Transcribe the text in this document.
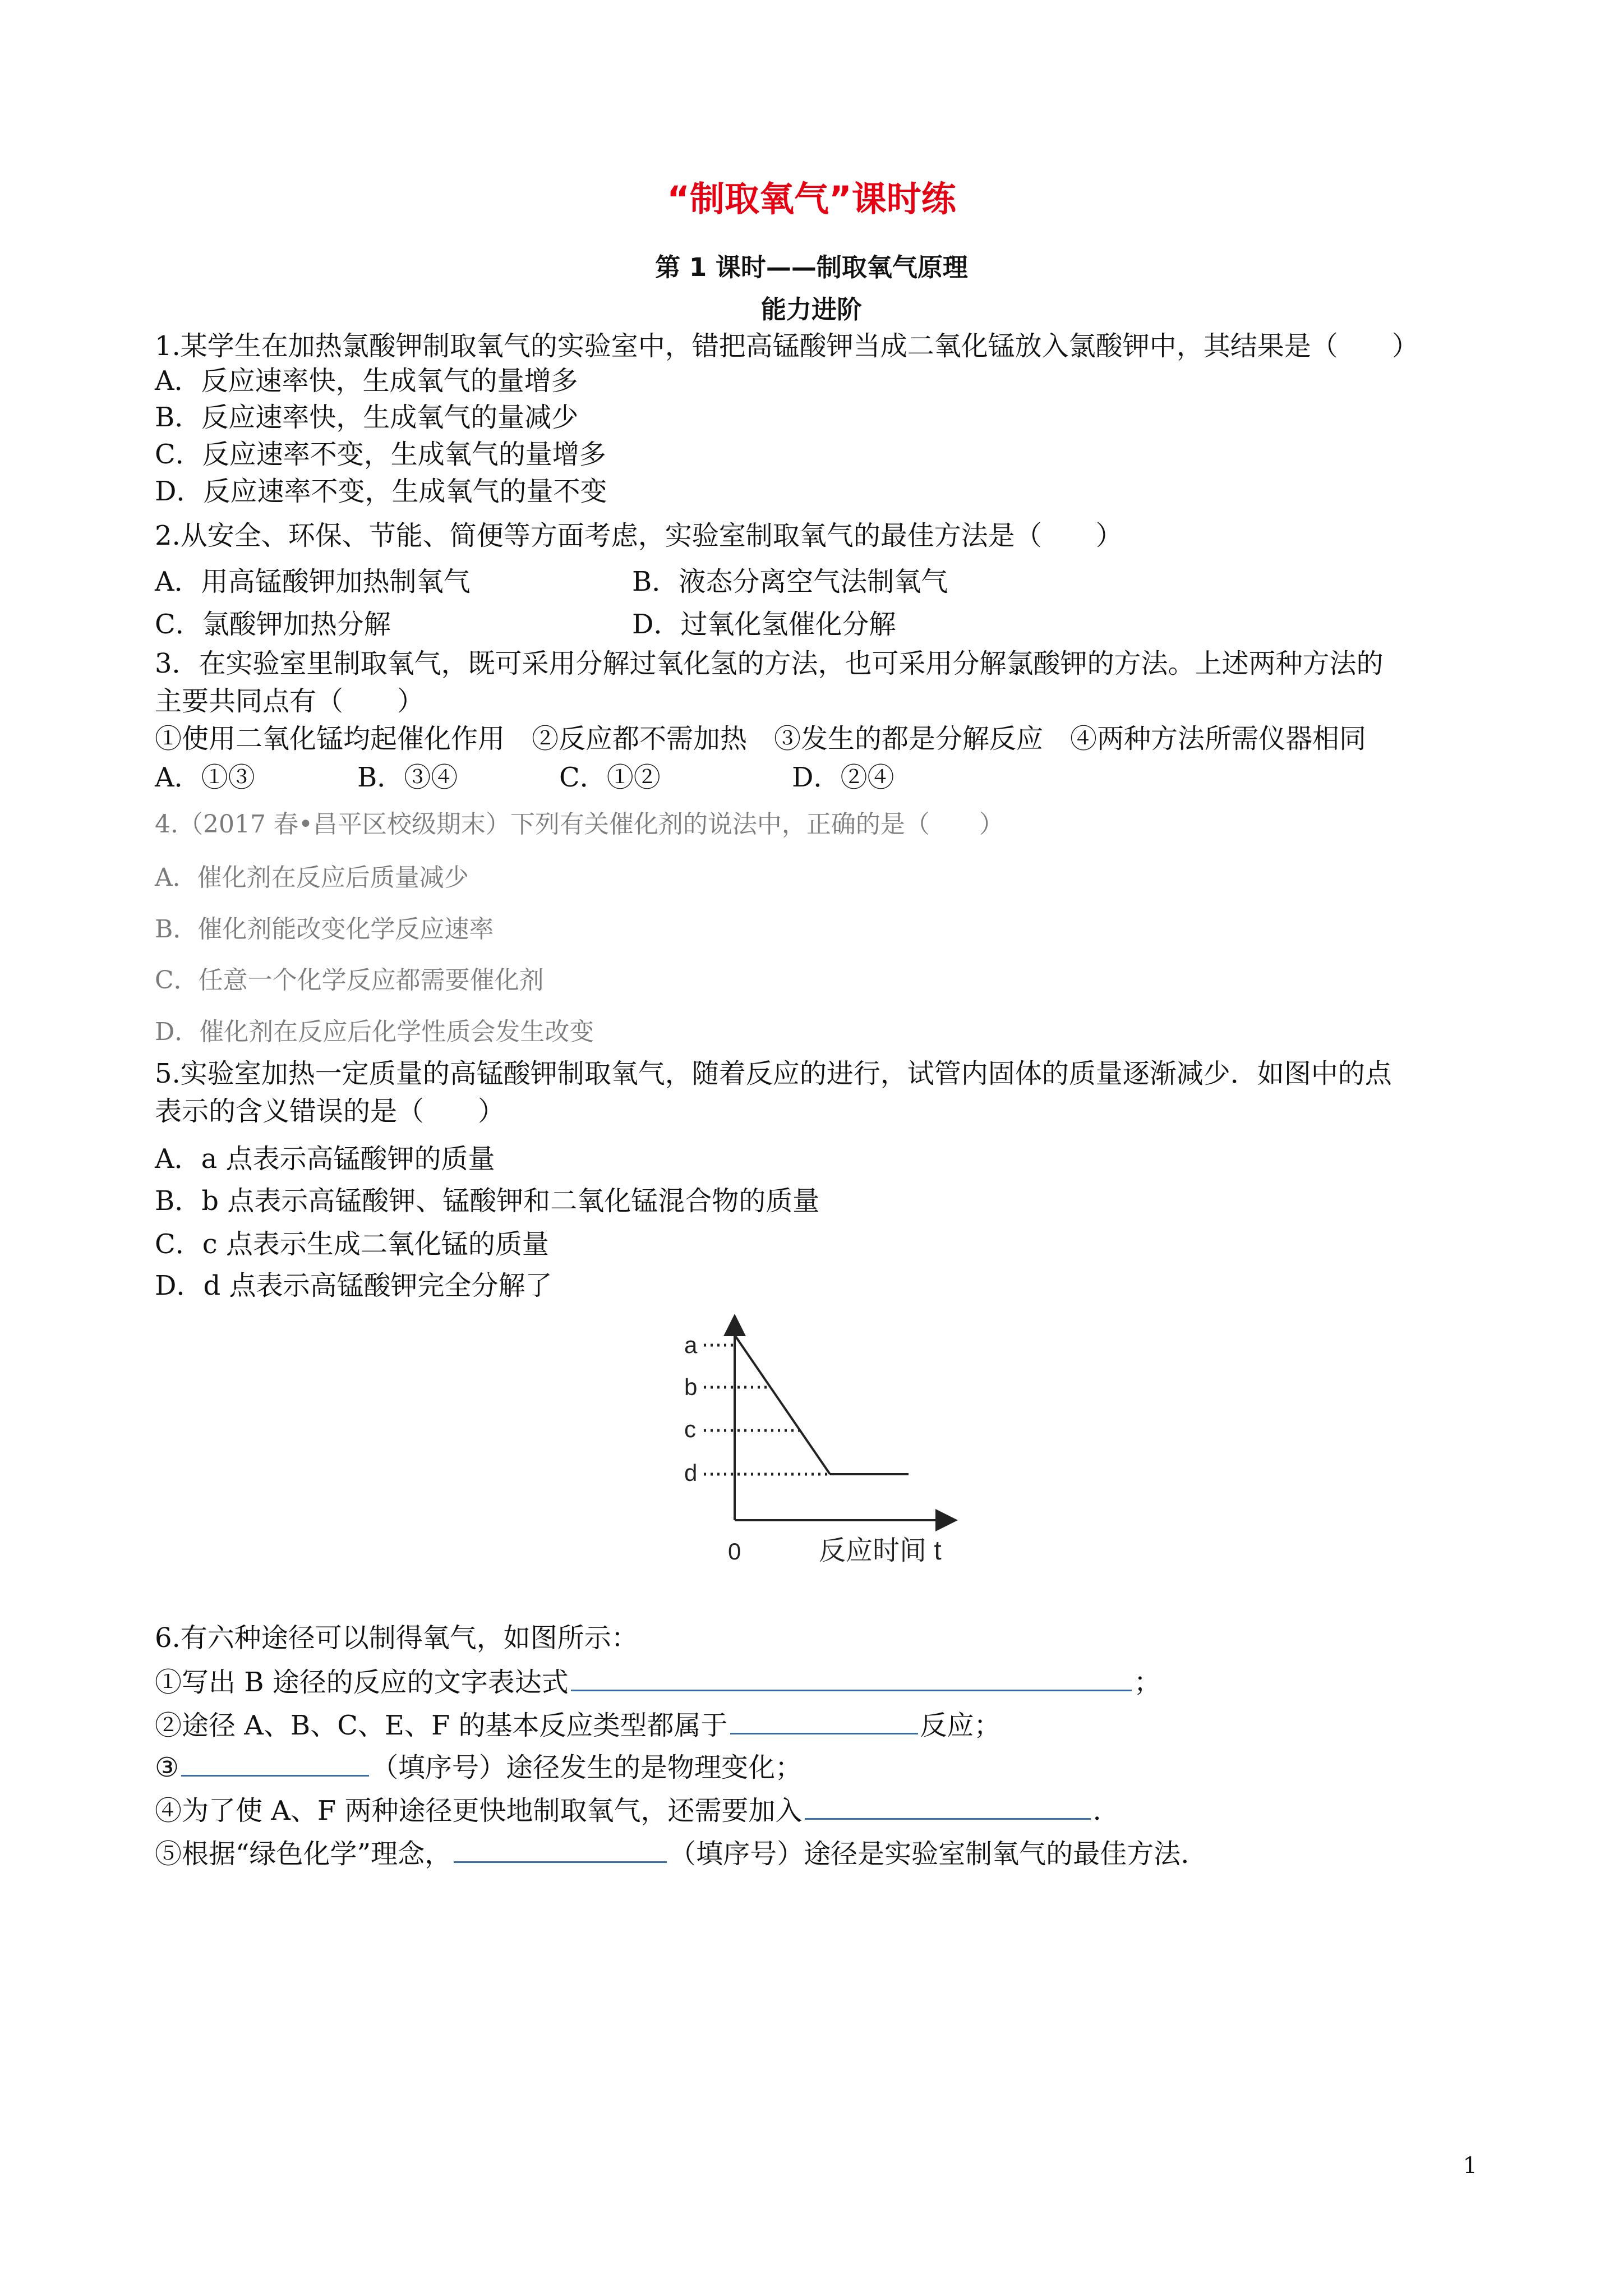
“制取氧气”课时练
第 1 课时——制取氧气原理
能力进阶
1.某学生在加热氯酸钾制取氧气的实验室中，错把高锰酸钾当成二氧化锰放入氯酸钾中，其结果是（　　）
A．反应速率快，生成氧气的量增多
B．反应速率快，生成氧气的量减少
C．反应速率不变，生成氧气的量增多
D．反应速率不变，生成氧气的量不变
2.从安全、环保、节能、简便等方面考虑，实验室制取氧气的最佳方法是（　　）
A．用高锰酸钾加热制氧气	B．液态分离空气法制氧气
C．氯酸钾加热分解	D．过氧化氢催化分解
3．在实验室里制取氧气，既可采用分解过氧化氢的方法，也可采用分解氯酸钾的方法。上述两种方法的
主要共同点有（　　）
①使用二氧化锰均起催化作用　②反应都不需加热　③发生的都是分解反应　④两种方法所需仪器相同
A．①③	B．③④	C．①②	D．②④
4.（2017 春•昌平区校级期末）下列有关催化剂的说法中，正确的是（　　）
A．催化剂在反应后质量减少
B．催化剂能改变化学反应速率
C．任意一个化学反应都需要催化剂
D．催化剂在反应后化学性质会发生改变
5.实验室加热一定质量的高锰酸钾制取氧气，随着反应的进行，试管内固体的质量逐渐减少．如图中的点
表示的含义错误的是（　　）
A．a 点表示高锰酸钾的质量
B．b 点表示高锰酸钾、锰酸钾和二氧化锰混合物的质量
C．c 点表示生成二氧化锰的质量
D．d 点表示高锰酸钾完全分解了
a
b
c
d
0	反应时间 t
6.有六种途径可以制得氧气，如图所示：
①写出 B 途径的反应的文字表达式	；
②途径 A、B、C、E、F 的基本反应类型都属于	反应；
③	（填序号）途径发生的是物理变化；
④为了使 A、F 两种途径更快地制取氧气，还需要加入	.
⑤根据“绿色化学”理念，	（填序号）途径是实验室制氧气的最佳方法.
1
